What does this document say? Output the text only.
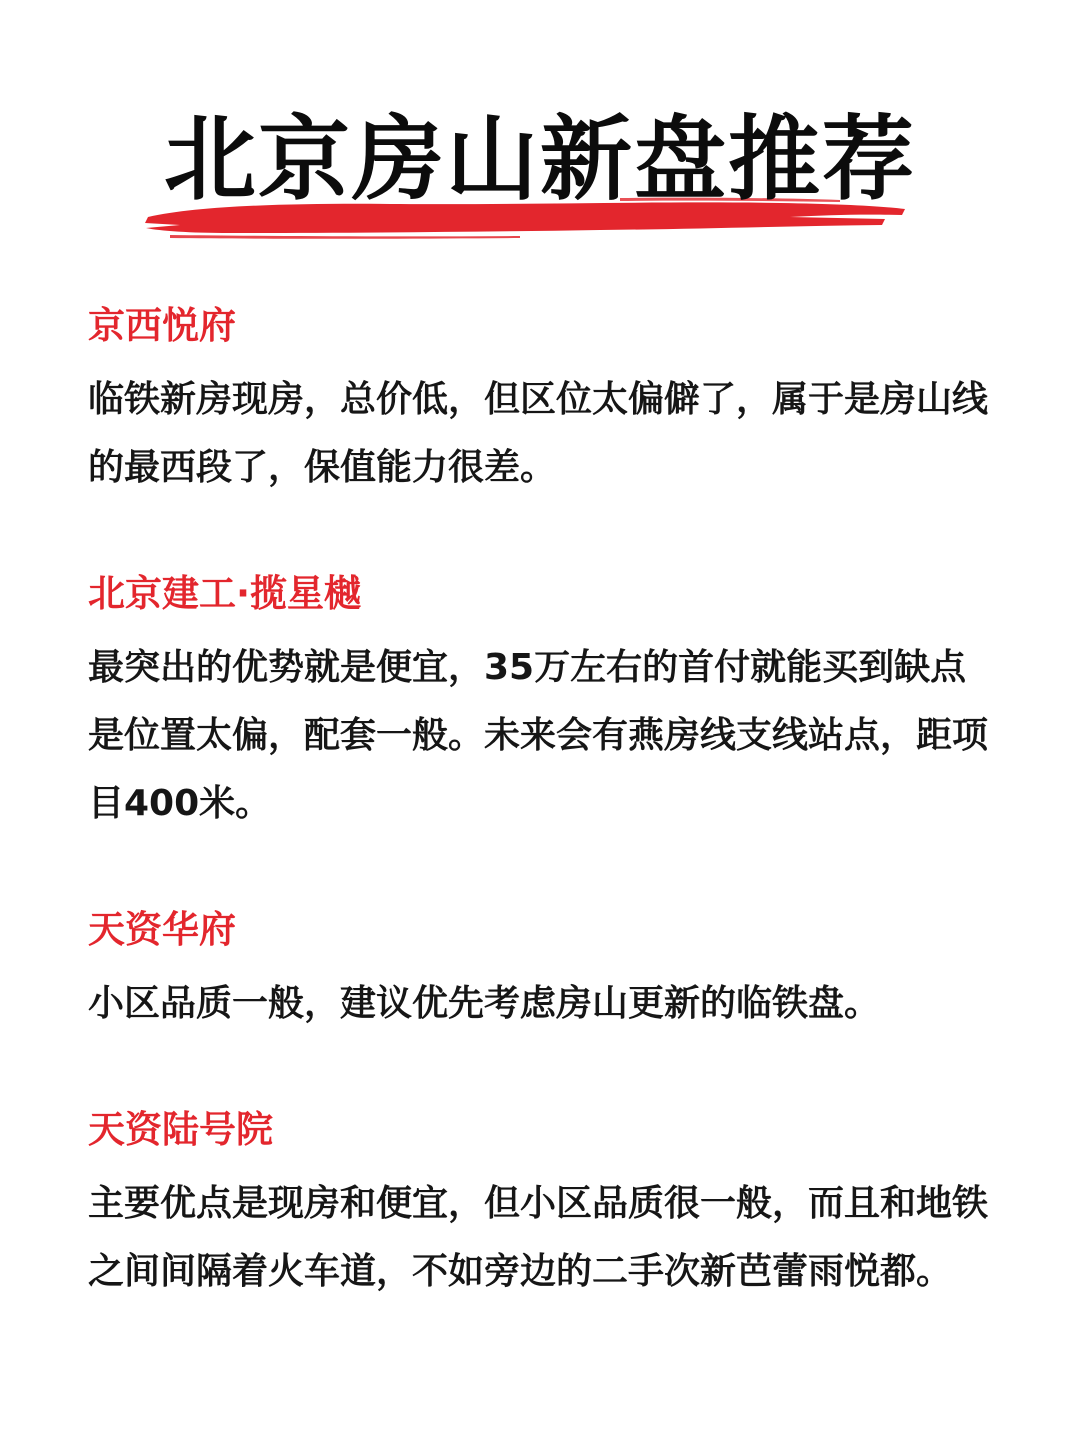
北京房山新盘推荐
京西悦府

临铁新房现房，总价低，但区位太偏僻了，属于是房山线的最西段了，保值能力很差。

北京建工·揽星樾

最突出的优势就是便宜，35万左右的首付就能买到缺点是位置太偏，配套一般。未来会有燕房线支线站点，距项目400米。

天资华府

小区品质一般，建议优先考虑房山更新的临铁盘。

天资陆号院

主要优点是现房和便宜，但小区品质很一般，而且和地铁之间间隔着火车道，不如旁边的二手次新芭蕾雨悦都。
